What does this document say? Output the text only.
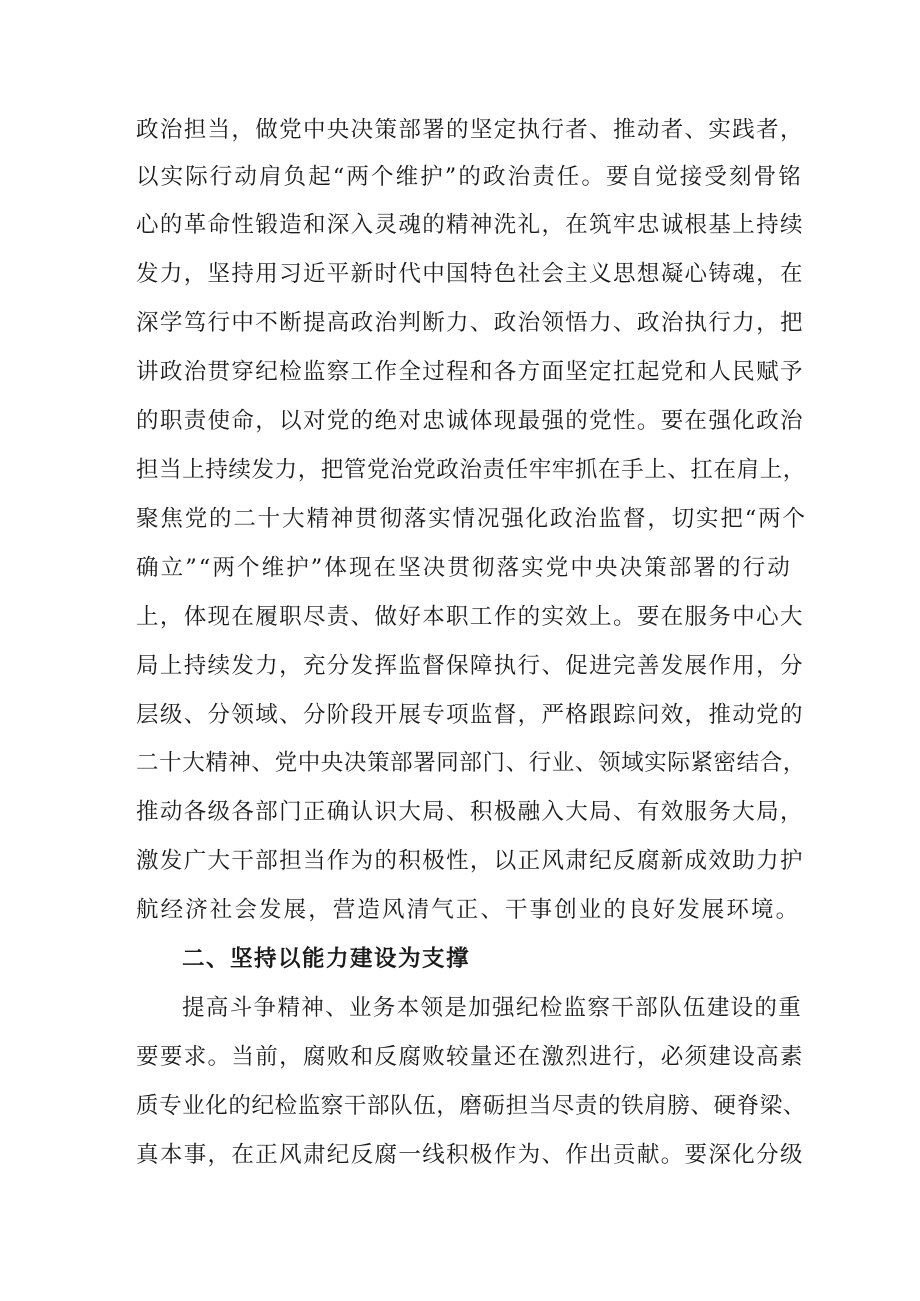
政治担当，做党中央决策部署的坚定执行者、推动者、实践者，
以实际行动肩负起“两个维护”的政治责任。要自觉接受刻骨铭
心的革命性锻造和深入灵魂的精神洗礼，在筑牢忠诚根基上持续
发力，坚持用习近平新时代中国特色社会主义思想凝心铸魂，在
深学笃行中不断提高政治判断力、政治领悟力、政治执行力，把
讲政治贯穿纪检监察工作全过程和各方面坚定扛起党和人民赋予
的职责使命，以对党的绝对忠诚体现最强的党性。要在强化政治
担当上持续发力，把管党治党政治责任牢牢抓在手上、扛在肩上，
聚焦党的二十大精神贯彻落实情况强化政治监督，切实把“两个
确立”“两个维护”体现在坚决贯彻落实党中央决策部署的行动
上，体现在履职尽责、做好本职工作的实效上。要在服务中心大
局上持续发力，充分发挥监督保障执行、促进完善发展作用，分
层级、分领域、分阶段开展专项监督，严格跟踪问效，推动党的
二十大精神、党中央决策部署同部门、行业、领域实际紧密结合，
推动各级各部门正确认识大局、积极融入大局、有效服务大局，
激发广大干部担当作为的积极性，以正风肃纪反腐新成效助力护
航经济社会发展，营造风清气正、干事创业的良好发展环境。
二、坚持以能力建设为支撑
提高斗争精神、业务本领是加强纪检监察干部队伍建设的重
要要求。当前，腐败和反腐败较量还在激烈进行，必须建设高素
质专业化的纪检监察干部队伍，磨砺担当尽责的铁肩膀、硬脊梁、
真本事，在正风肃纪反腐一线积极作为、作出贡献。要深化分级
